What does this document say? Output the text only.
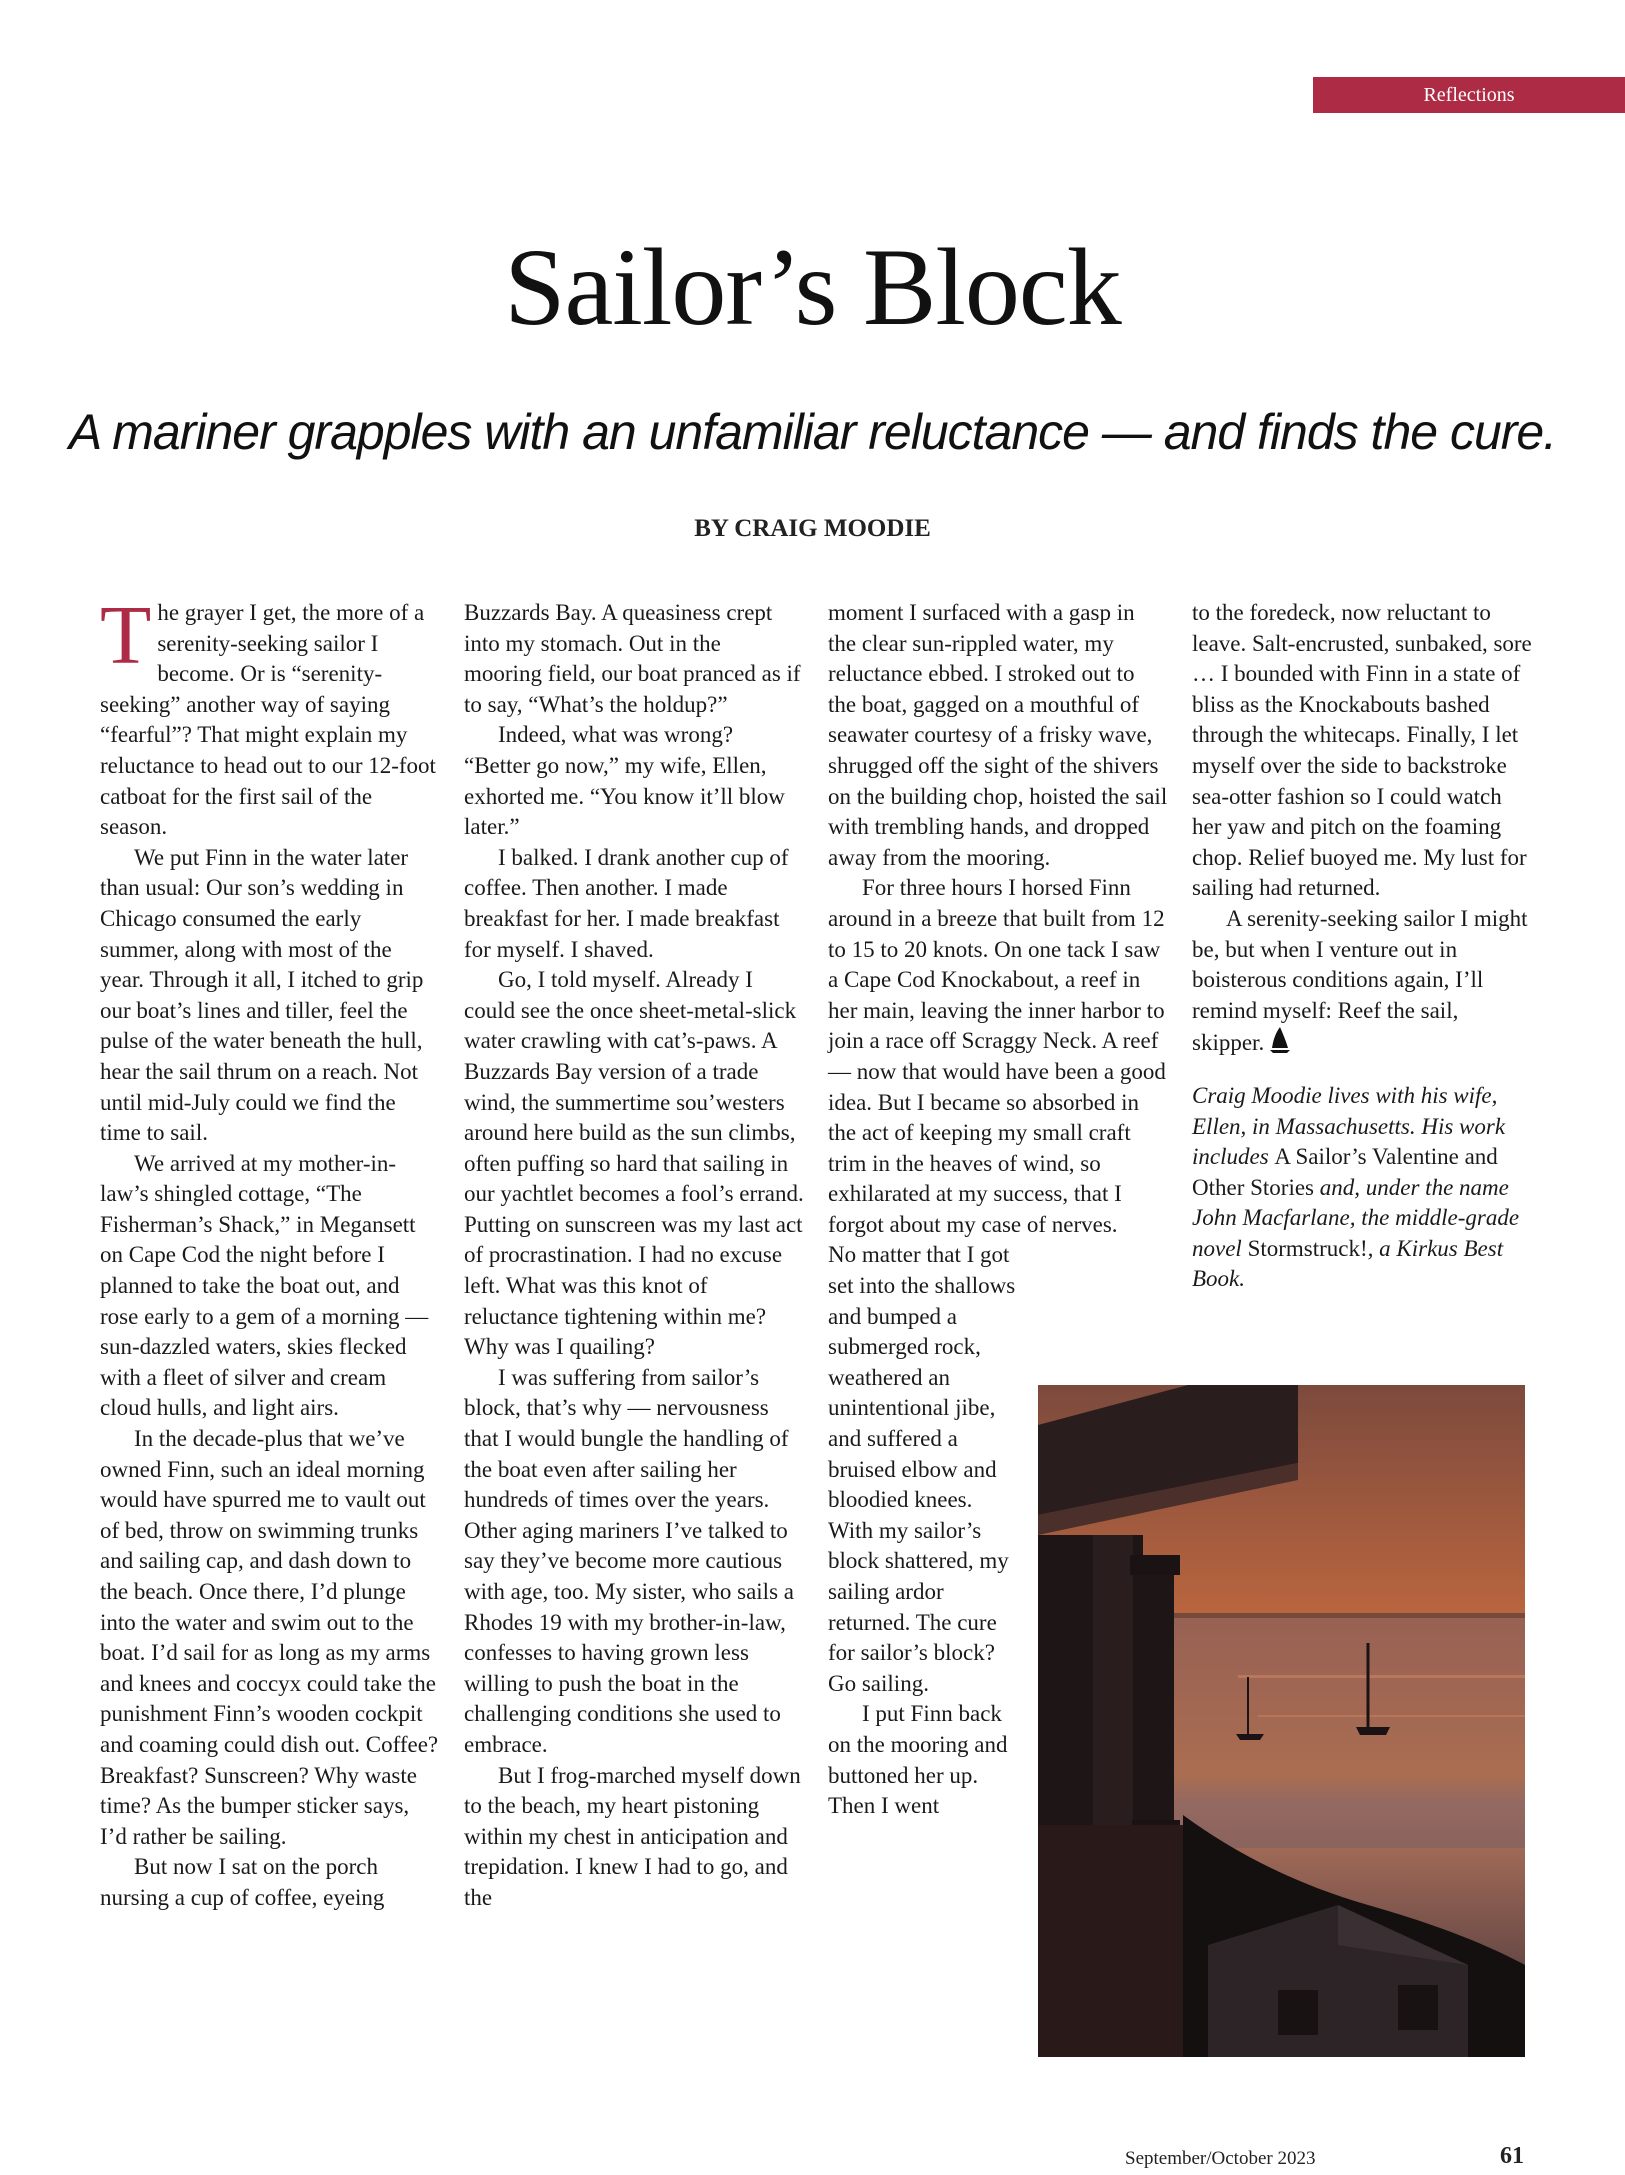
Reflections
Sailor’s Block

A mariner grapples with an unfamiliar reluctance — and finds the cure.

BY CRAIG MOODIE

The grayer I get, the more of a serenity-seeking sailor I become. Or is “serenity-seeking” another way of saying “fearful”? That might explain my reluctance to head out to our 12-foot catboat for the first sail of the season.

We put Finn in the water later than usual: Our son’s wedding in Chicago consumed the early summer, along with most of the year. Through it all, I itched to grip our boat’s lines and tiller, feel the pulse of the water beneath the hull, hear the sail thrum on a reach. Not until mid-July could we find the time to sail.

We arrived at my mother-in-law’s shingled cottage, “The Fisherman’s Shack,” in Megansett on Cape Cod the night before I planned to take the boat out, and rose early to a gem of a morning — sun-dazzled waters, skies flecked with a fleet of silver and cream cloud hulls, and light airs.

In the decade-plus that we’ve owned Finn, such an ideal morning would have spurred me to vault out of bed, throw on swimming trunks and sailing cap, and dash down to the beach. Once there, I’d plunge into the water and swim out to the boat. I’d sail for as long as my arms and knees and coccyx could take the punishment Finn’s wooden cockpit and coaming could dish out. Coffee? Breakfast? Sunscreen? Why waste time? As the bumper sticker says, I’d rather be sailing.

But now I sat on the porch nursing a cup of coffee, eyeing

Buzzards Bay. A queasiness crept into my stomach. Out in the mooring field, our boat pranced as if to say, “What’s the holdup?”

Indeed, what was wrong? “Better go now,” my wife, Ellen, exhorted me. “You know it’ll blow later.”

I balked. I drank another cup of coffee. Then another. I made breakfast for her. I made breakfast for myself. I shaved.

Go, I told myself. Already I could see the once sheet-metal-slick water crawling with cat’s-paws. A Buzzards Bay version of a trade wind, the summertime sou’westers around here build as the sun climbs, often puffing so hard that sailing in our yachtlet becomes a fool’s errand. Putting on sunscreen was my last act of procrastination. I had no excuse left. What was this knot of reluctance tightening within me? Why was I quailing?

I was suffering from sailor’s block, that’s why — nervousness that I would bungle the handling of the boat even after sailing her hundreds of times over the years. Other aging mariners I’ve talked to say they’ve become more cautious with age, too. My sister, who sails a Rhodes 19 with my brother-in-law, confesses to having grown less willing to push the boat in the challenging conditions she used to embrace.

But I frog-marched myself down to the beach, my heart pistoning within my chest in anticipation and trepidation. I knew I had to go, and the

moment I surfaced with a gasp in the clear sun-rippled water, my reluctance ebbed. I stroked out to the boat, gagged on a mouthful of seawater courtesy of a frisky wave, shrugged off the sight of the shivers on the building chop, hoisted the sail with trembling hands, and dropped away from the mooring.

For three hours I horsed Finn around in a breeze that built from 12 to 15 to 20 knots. On one tack I saw a Cape Cod Knockabout, a reef in her main, leaving the inner harbor to join a race off Scraggy Neck. A reef — now that would have been a good idea. But I became so absorbed in the act of keeping my small craft trim in the heaves of wind, so exhilarated at my success, that I forgot about my case of nerves.

No matter that I got set into the shallows and bumped a submerged rock, weathered an unintentional jibe, and suffered a bruised elbow and bloodied knees. With my sailor’s block shattered, my sailing ardor returned. The cure for sailor’s block? Go sailing.

I put Finn back on the mooring and buttoned her up. Then I went

to the foredeck, now reluctant to leave. Salt-encrusted, sunbaked, sore … I bounded with Finn in a state of bliss as the Knockabouts bashed through the whitecaps. Finally, I let myself over the side to backstroke sea-otter fashion so I could watch her yaw and pitch on the foaming chop. Relief buoyed me. My lust for sailing had returned.

A serenity-seeking sailor I might be, but when I venture out in boisterous conditions again, I’ll remind myself: Reef the sail, skipper.

Craig Moodie lives with his wife, Ellen, in Massachusetts. His work includes A Sailor’s Valentine and Other Stories and, under the name John Macfarlane, the middle-grade novel Stormstruck!, a Kirkus Best Book.

September/October 2023	61
